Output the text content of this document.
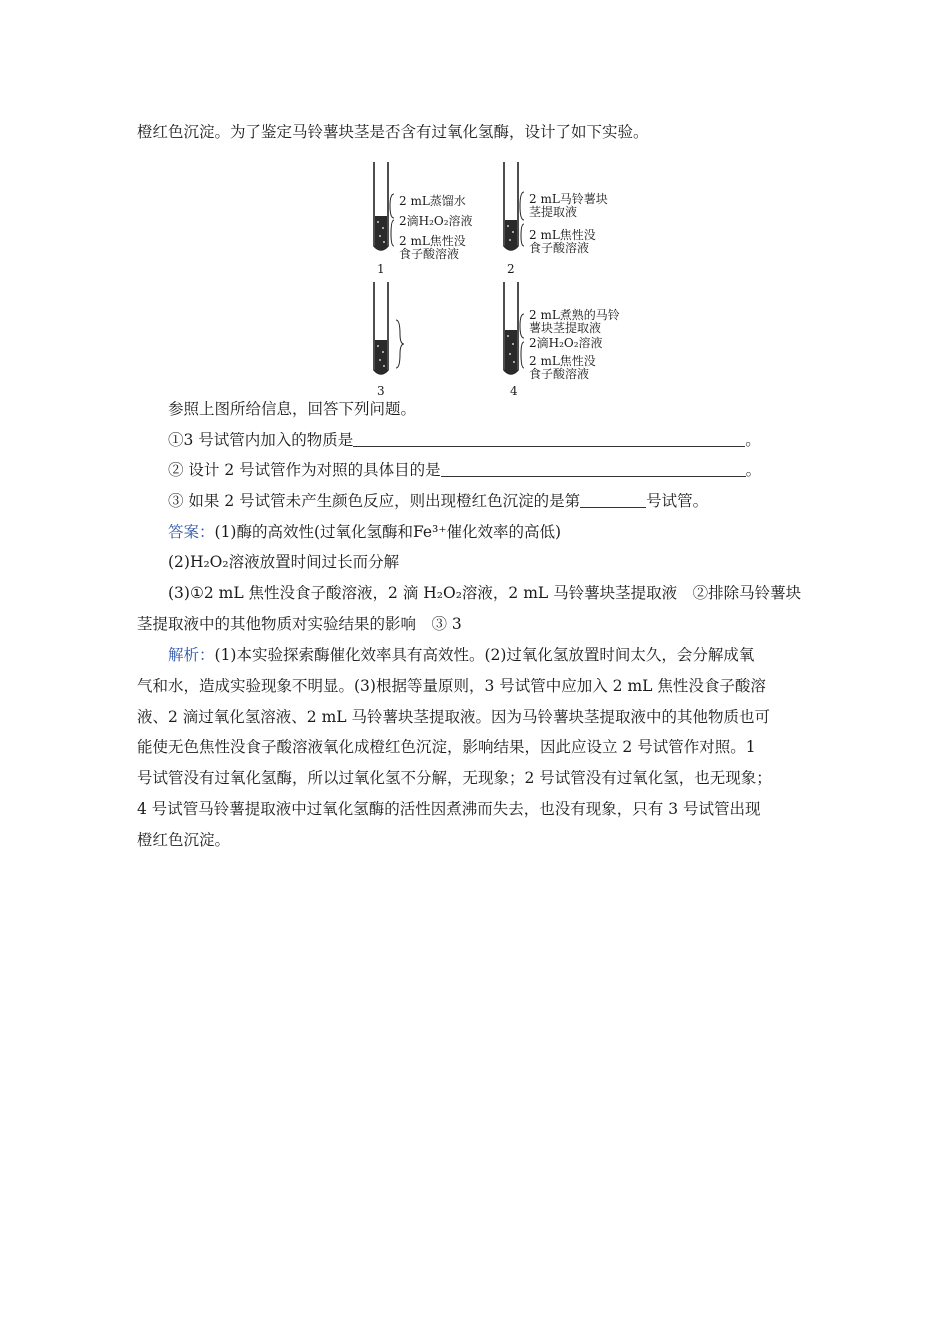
橙红色沉淀。为了鉴定马铃薯块茎是否含有过氧化氢酶，设计了如下实验。
2 mL蒸馏水
2滴H₂O₂溶液
2 mL焦性没
食子酸溶液
1
2 mL马铃薯块
茎提取液
2 mL焦性没
食子酸溶液
2
3
2 mL煮熟的马铃
薯块茎提取液
2滴H₂O₂溶液
2 mL焦性没
食子酸溶液
4
参照上图所给信息，回答下列问题。
①3 号试管内加入的物质是	。
② 设计 2 号试管作为对照的具体目的是	。
③ 如果 2 号试管未产生颜色反应，则出现橙红色沉淀的是第	号试管。
答案：(1)酶的高效性(过氧化氢酶和Fe³⁺催化效率的高低)
(2)H₂O₂溶液放置时间过长而分解
(3)①2 mL 焦性没食子酸溶液，2 滴 H₂O₂溶液，2 mL 马铃薯块茎提取液　②排除马铃薯块
茎提取液中的其他物质对实验结果的影响　③ 3
解析：(1)本实验探索酶催化效率具有高效性。(2)过氧化氢放置时间太久，会分解成氧
气和水，造成实验现象不明显。(3)根据等量原则，3 号试管中应加入 2 mL 焦性没食子酸溶
液、2 滴过氧化氢溶液、2 mL 马铃薯块茎提取液。因为马铃薯块茎提取液中的其他物质也可
能使无色焦性没食子酸溶液氧化成橙红色沉淀，影响结果，因此应设立 2 号试管作对照。1
号试管没有过氧化氢酶，所以过氧化氢不分解，无现象；2 号试管没有过氧化氢，也无现象；
4 号试管马铃薯提取液中过氧化氢酶的活性因煮沸而失去，也没有现象，只有 3 号试管出现
橙红色沉淀。
